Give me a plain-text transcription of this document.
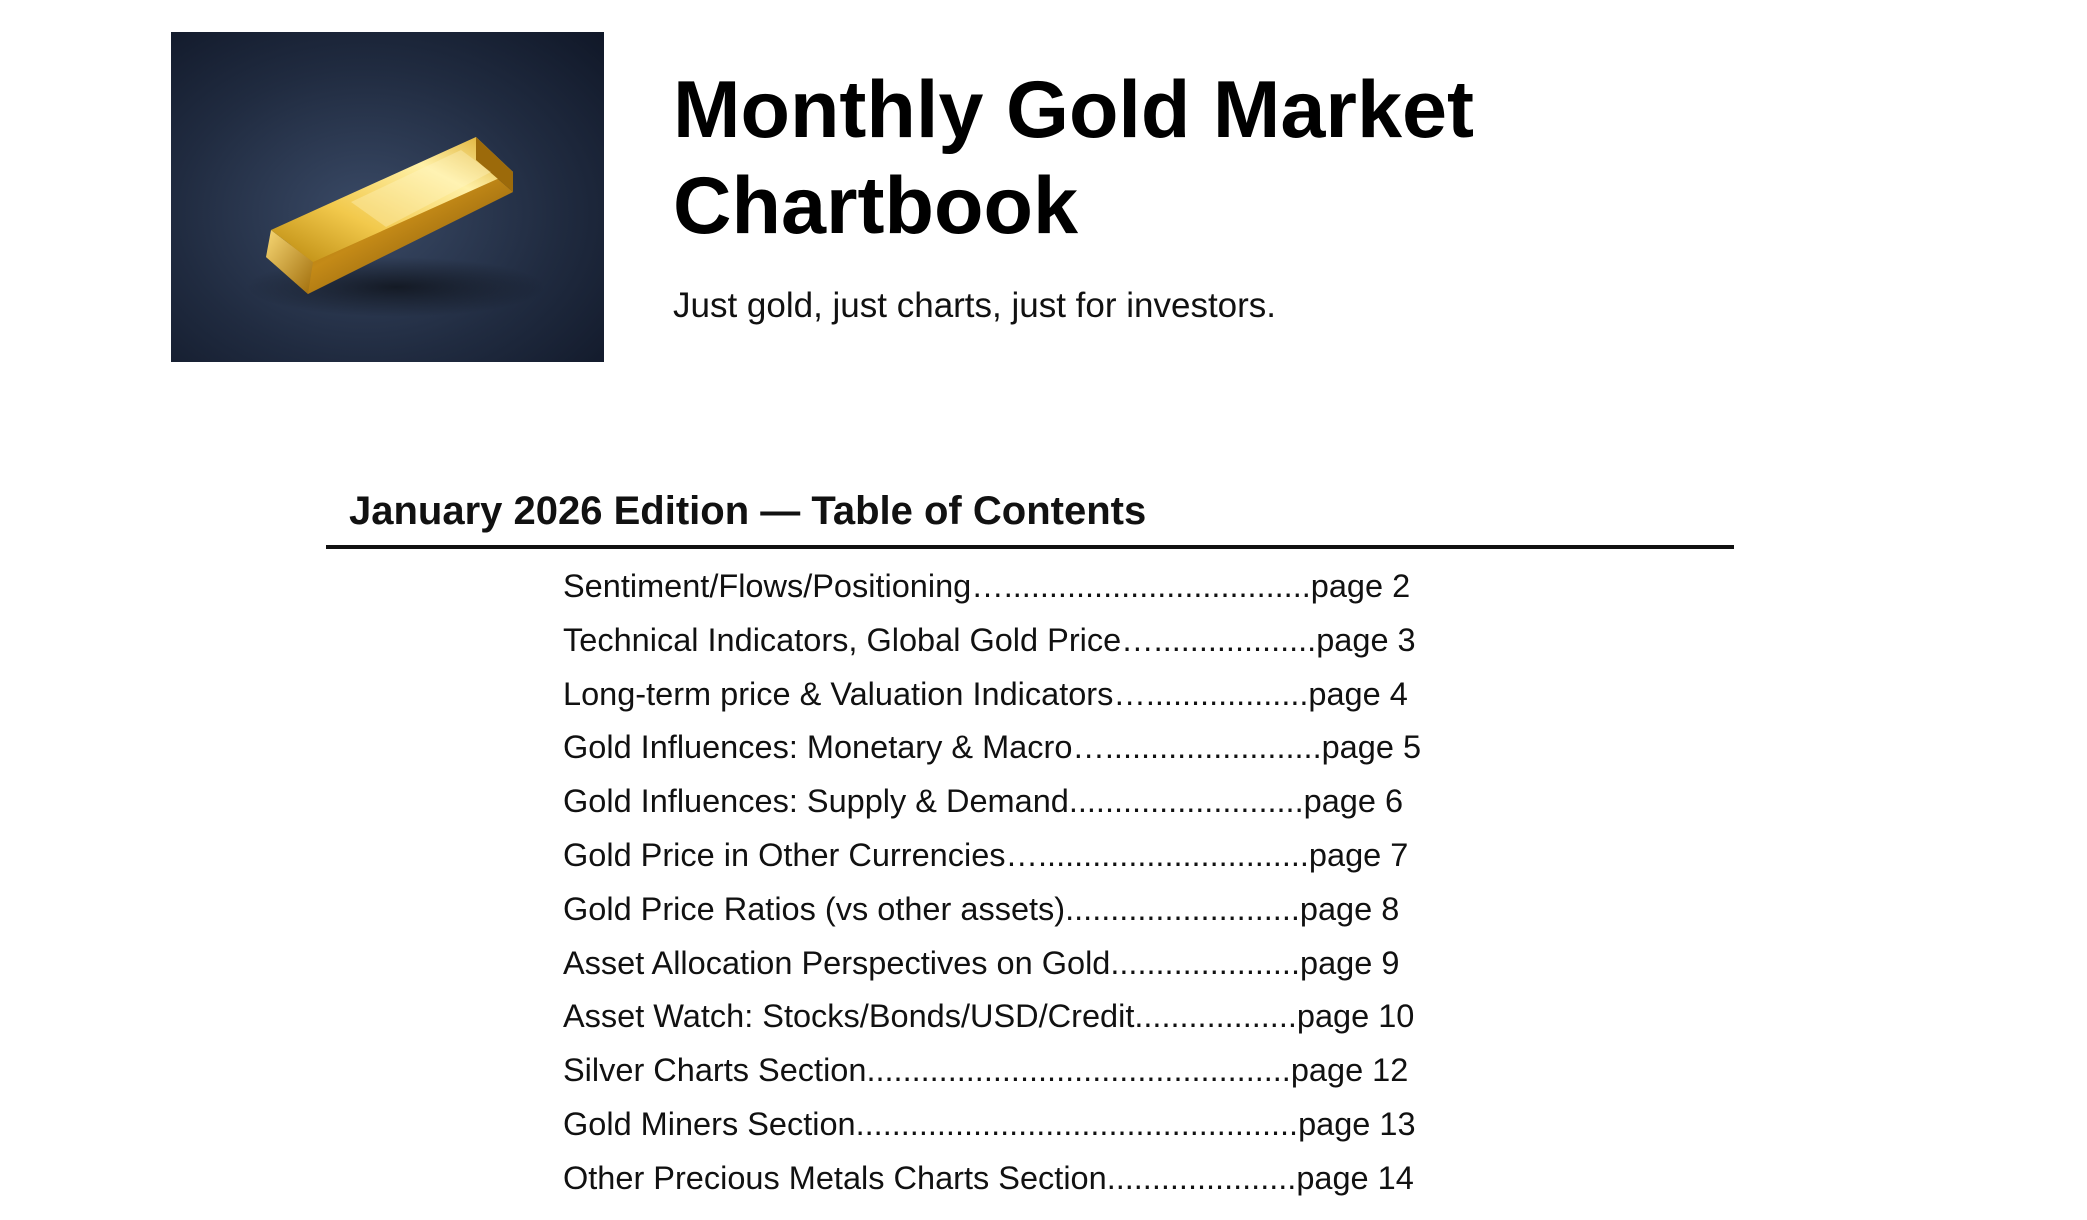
Monthly Gold Market
Chartbook

Just gold, just charts, just for investors.

January 2026 Edition — Table of Contents
Sentiment/Flows/Positioning…..................................page 2
Technical Indicators, Global Gold Price…..................page 3
Long-term price & Valuation Indicators…..................page 4
Gold Influences: Monetary & Macro…........................page 5
Gold Influences: Supply & Demand..........................page 6
Gold Price in Other Currencies…..............................page 7
Gold Price Ratios (vs other assets)..........................page 8
Asset Allocation Perspectives on Gold.....................page 9
Asset Watch: Stocks/Bonds/USD/Credit..................page 10
Silver Charts Section...............................................page 12
Gold Miners Section.................................................page 13
Other Precious Metals Charts Section.....................page 14
